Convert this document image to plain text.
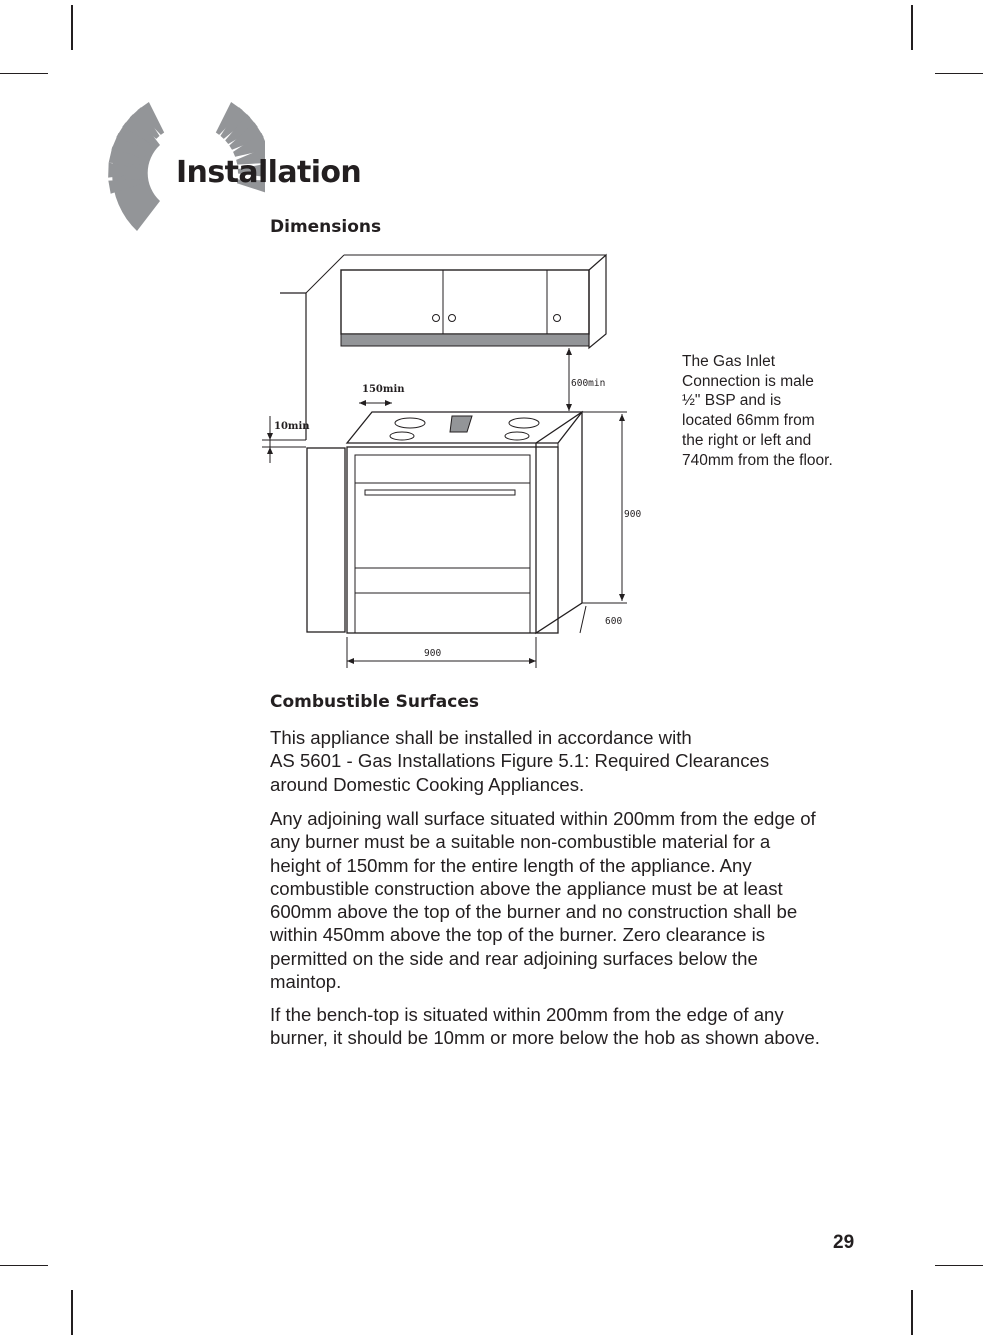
Installation
Dimensions
600min
900
600
900
150min
10min
The Gas Inlet
Connection is male
½" BSP and is
located 66mm from
the right or left and
740mm from the floor.
Combustible Surfaces
This appliance shall be installed in accordance with
AS 5601 - Gas Installations Figure 5.1: Required Clearances
around Domestic Cooking Appliances.
Any adjoining wall surface situated within 200mm from the edge of
any burner must be a suitable non-combustible material for a
height of 150mm for the entire length of the appliance. Any
combustible construction above the appliance must be at least
600mm above the top of the burner and no construction shall be
within 450mm above the top of the burner. Zero clearance is
permitted on the side and rear adjoining surfaces below the
maintop.
If the bench-top is situated within 200mm from the edge of any
burner, it should be 10mm or more below the hob as shown above.
29
